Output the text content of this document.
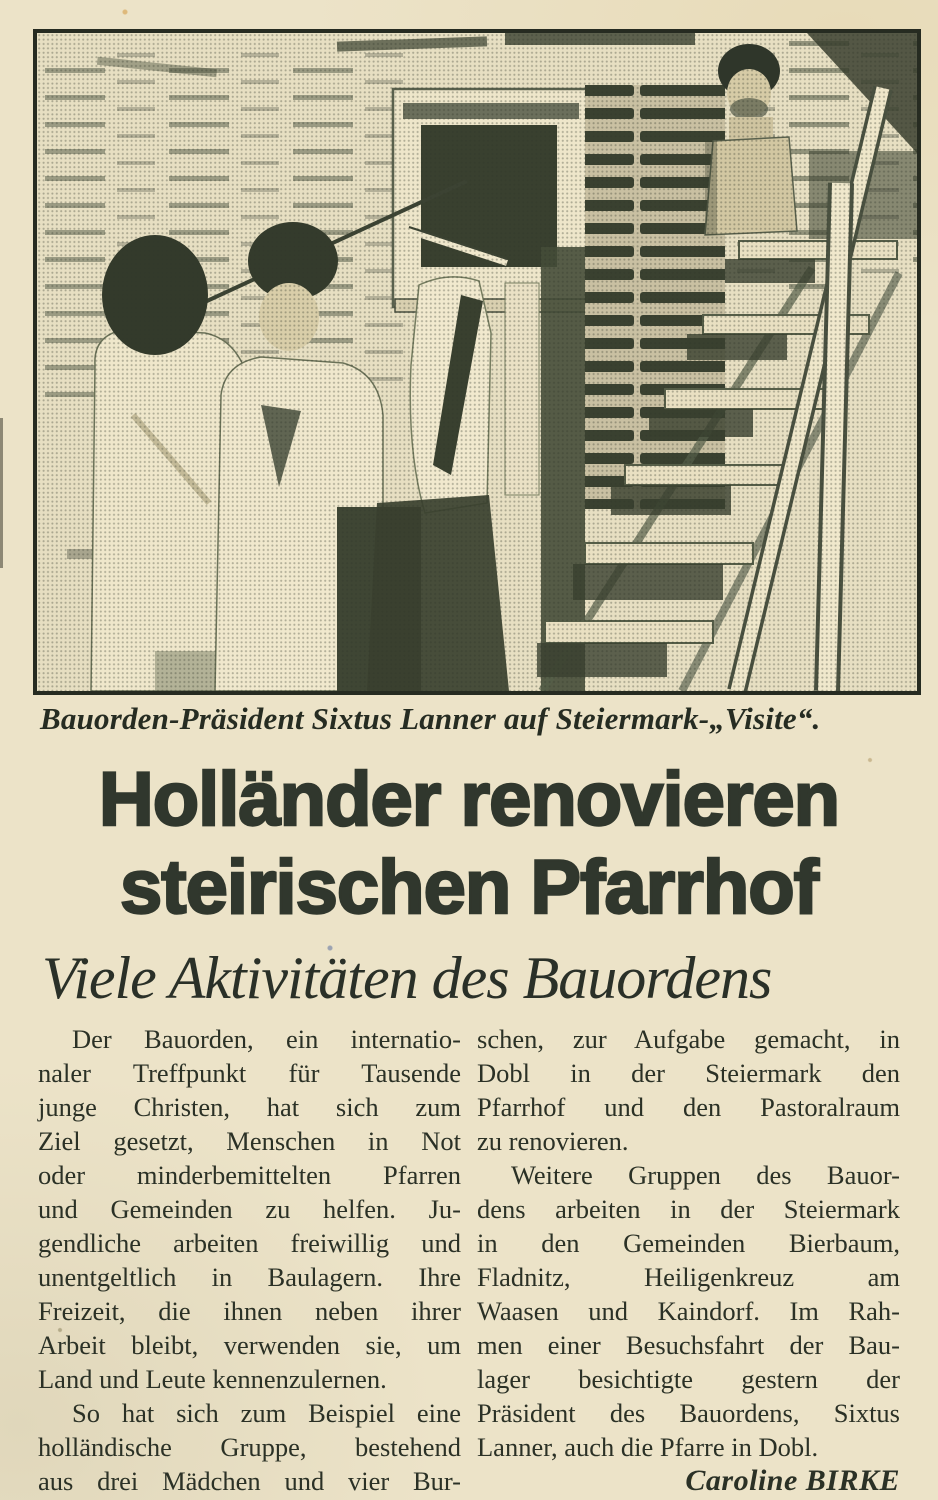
Bauorden-Präsident Sixtus Lanner auf Steiermark-„Visite“.
Holländer renovieren
steirischen Pfarrhof
Viele Aktivitäten des Bauordens
Der Bauorden, ein internatio-
naler Treffpunkt für Tausende
junge Christen, hat sich zum
Ziel gesetzt, Menschen in Not
oder minderbemittelten Pfarren
und Gemeinden zu helfen. Ju-
gendliche arbeiten freiwillig und
unentgeltlich in Baulagern. Ihre
Freizeit, die ihnen neben ihrer
Arbeit bleibt, verwenden sie, um
Land und Leute kennenzulernen.
So hat sich zum Beispiel eine
holländische Gruppe, bestehend
aus drei Mädchen und vier Bur-
schen, zur Aufgabe gemacht, in
Dobl in der Steiermark den
Pfarrhof und den Pastoralraum
zu renovieren.
Weitere Gruppen des Bauor-
dens arbeiten in der Steiermark
in den Gemeinden Bierbaum,
Fladnitz, Heiligenkreuz am
Waasen und Kaindorf. Im Rah-
men einer Besuchsfahrt der Bau-
lager besichtigte gestern der
Präsident des Bauordens, Sixtus
Lanner, auch die Pfarre in Dobl.
Caroline BIRKE
